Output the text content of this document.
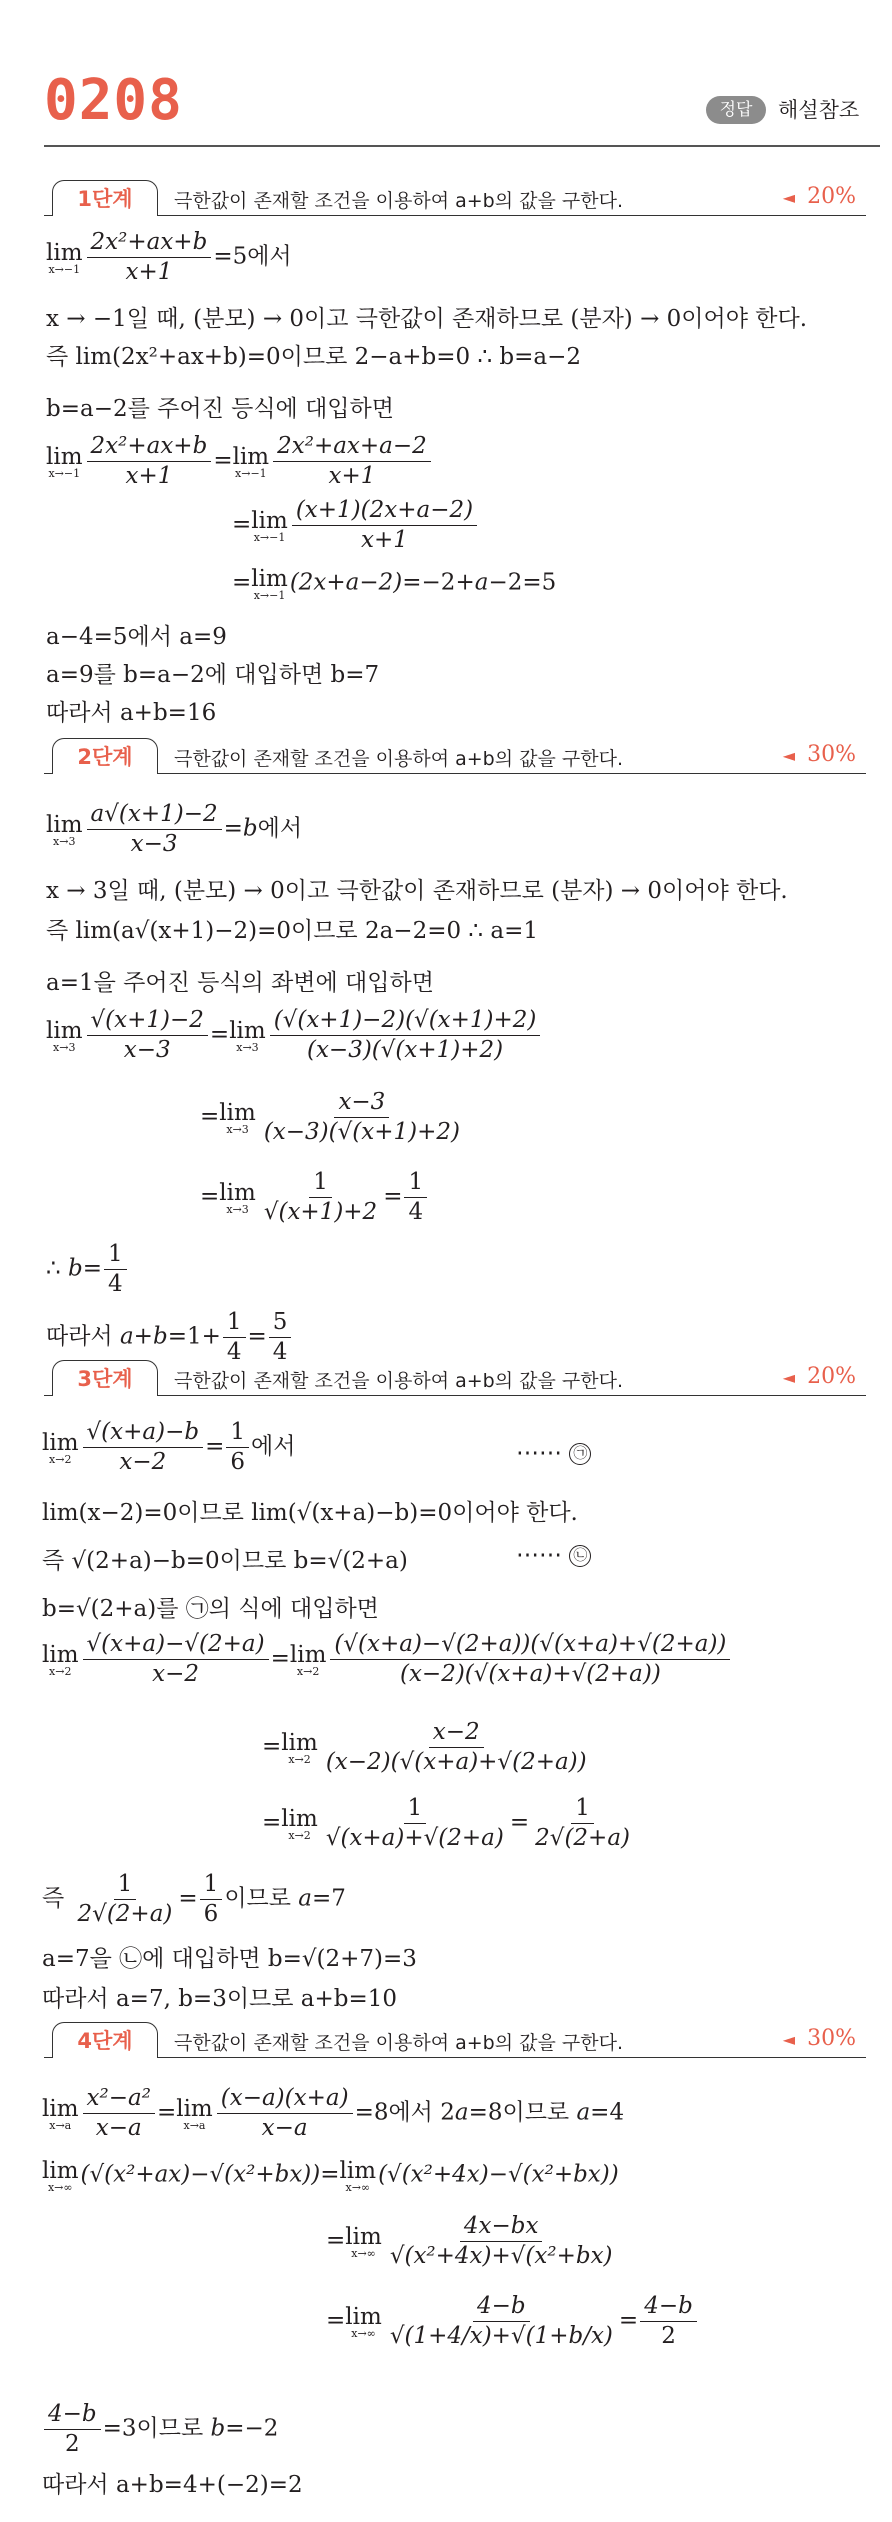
0208	정답	해설참조
1단계	극한값이 존재할 조건을 이용하여 a+b의 값을 구한다.	◄ 20%
lim
$x\to-1 \frac{\text{2x²+ax+b}}{x+1} =5$에서
x → −1일 때, (분모) → 0이고 극한값이 존재하므로 (분자) → 0이어야 한다.
즉 lim(2x²+ax+b)=0이므로 2−a+b=0 ∴ b=a−2
b=a−2를 주어진 등식에 대입하면
lim
$x\to-1 \frac{\text{2x²+ax+b}}{x+1} =\lim$
$x\to-1 \frac{\text{2x²+ax+a−2}}{x+1}$
=lim
$x\to-1 \frac{(x+1)(2x+a-2)}{x+1}$
=lim
x→−1 (2x+a−2)=−2+a−2=5
a−4=5에서 a=9
a=9를 b=a−2에 대입하면 b=7
따라서 a+b=16
2단계	극한값이 존재할 조건을 이용하여 a+b의 값을 구한다.	◄ 30%
lim
$x\to 3 \frac{a√(x+1)-2}{x-3} =b$에서
x → 3일 때, (분모) → 0이고 극한값이 존재하므로 (분자) → 0이어야 한다.
즉 lim(a√(x+1)−2)=0이므로 2a−2=0 ∴ a=1
a=1을 주어진 등식의 좌변에 대입하면
lim
$x\to 3 \frac{√(x+1)-2}{x-3} =\lim$
$x\to 3 \frac{(√(x+1)-2)(√(x+1)+2)}{(x-3)(√(x+1)+2)}$
=lim
$x\to 3 \frac{x-3}{(x-3)(√(x+1)+2)}$
=lim
$x\to 3 \frac{1}{√(x+1)+2} = \frac{1}{4}$
∴ $b= \frac{1}{4}$
따라서 $a+b=1+ \frac{1}{4} = \frac{5}{4}$
3단계	극한값이 존재할 조건을 이용하여 a+b의 값을 구한다.	◄ 20%
lim
$x\to 2 \frac{√(x+a)-b}{x-2} = \frac{1}{6}$ 에서	⋯⋯ ㉠
lim(x−2)=0이므로 lim(√(x+a)−b)=0이어야 한다.
즉 √(2+a)−b=0이므로 b=√(2+a)	⋯⋯ ㉡
b=√(2+a)를 ㉠의 식에 대입하면
lim
$x\to 2 \frac{√(x+a)-√(2+a)}{x-2} =\lim$
$x\to 2 \frac{(√(x+a)-√(2+a))(√(x+a)+√(2+a))}{(x-2)(√(x+a)+√(2+a))}$
=lim
$x\to 2 \frac{x-2}{(x-2)(√(x+a)+√(2+a))}$
=lim
$x\to 2 \frac{1}{√(x+a)+√(2+a)} = \frac{1}{2√(2+a)}$
즉 $\frac{1}{2√(2+a)} = \frac{1}{6}$ 이므로 a=7
a=7을 ㉡에 대입하면 b=√(2+7)=3
따라서 a=7, b=3이므로 a+b=10
4단계	극한값이 존재할 조건을 이용하여 a+b의 값을 구한다.	◄ 30%
lim
$x\to a \frac{\text{x²−a²}}{x-a} =\lim$
$x\to a \frac{(x-a)(x+a)}{x-a} =8$에서 2a=8이므로 a=4
lim
x→∞ (√(x²+ax)−√(x²+bx))=lim
x→∞ (√(x²+4x)−√(x²+bx))
=lim
$x\to\infty \frac{4x-bx}{\text{√(x²+4x)+√(x²+bx)}}$
=lim
$x\to\infty \frac{4-b}{√(1+4/x)+√(1+b/x)} = \frac{4-b}{2}$
$\frac{4-b}{2} =3$이므로 b=−2
따라서 a+b=4+(−2)=2
